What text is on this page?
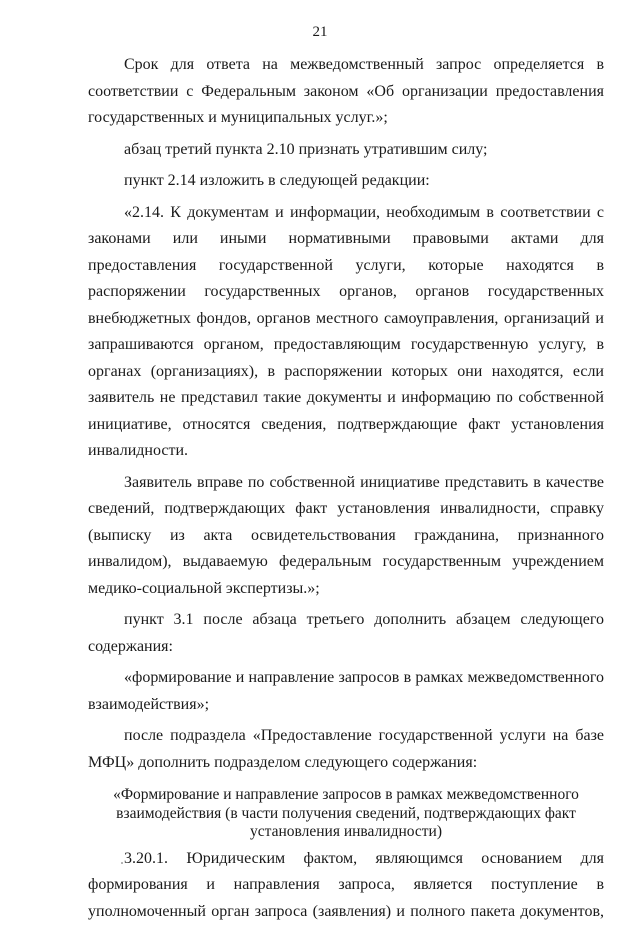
21

Срок для ответа на межведомственный запрос определяется в соответствии с Федеральным законом «Об организации предоставления государственных и муниципальных услуг.»;

абзац третий пункта 2.10 признать утратившим силу;

пункт 2.14 изложить в следующей редакции:

«2.14. К документам и информации, необходимым в соответствии с законами или иными нормативными правовыми актами для предоставления государственной услуги, которые находятся в распоряжении государственных органов, органов государственных внебюджетных фондов, органов местного самоуправления, организаций и запрашиваются органом, предоставляющим государственную услугу, в органах (организациях), в распоряжении которых они находятся, если заявитель не представил такие документы и информацию по собственной инициативе, относятся сведения, подтверждающие факт установления инвалидности.

Заявитель вправе по собственной инициативе представить в качестве сведений, подтверждающих факт установления инвалидности, справку (выписку из акта освидетельствования гражданина, признанного инвалидом), выдаваемую федеральным государственным учреждением медико-социальной экспертизы.»;

пункт 3.1 после абзаца третьего дополнить абзацем следующего содержания:

«формирование и направление запросов в рамках межведомственного взаимодействия»;

после подраздела «Предоставление государственной услуги на базе МФЦ» дополнить подразделом следующего содержания:

«Формирование и направление запросов в рамках межведомственного
взаимодействия (в части получения сведений, подтверждающих факт
установления инвалидности)

3.20.1. Юридическим фактом, являющимся основанием для формирования и направления запроса, является поступление в уполномоченный орган запроса (заявления) и полного пакета документов,
